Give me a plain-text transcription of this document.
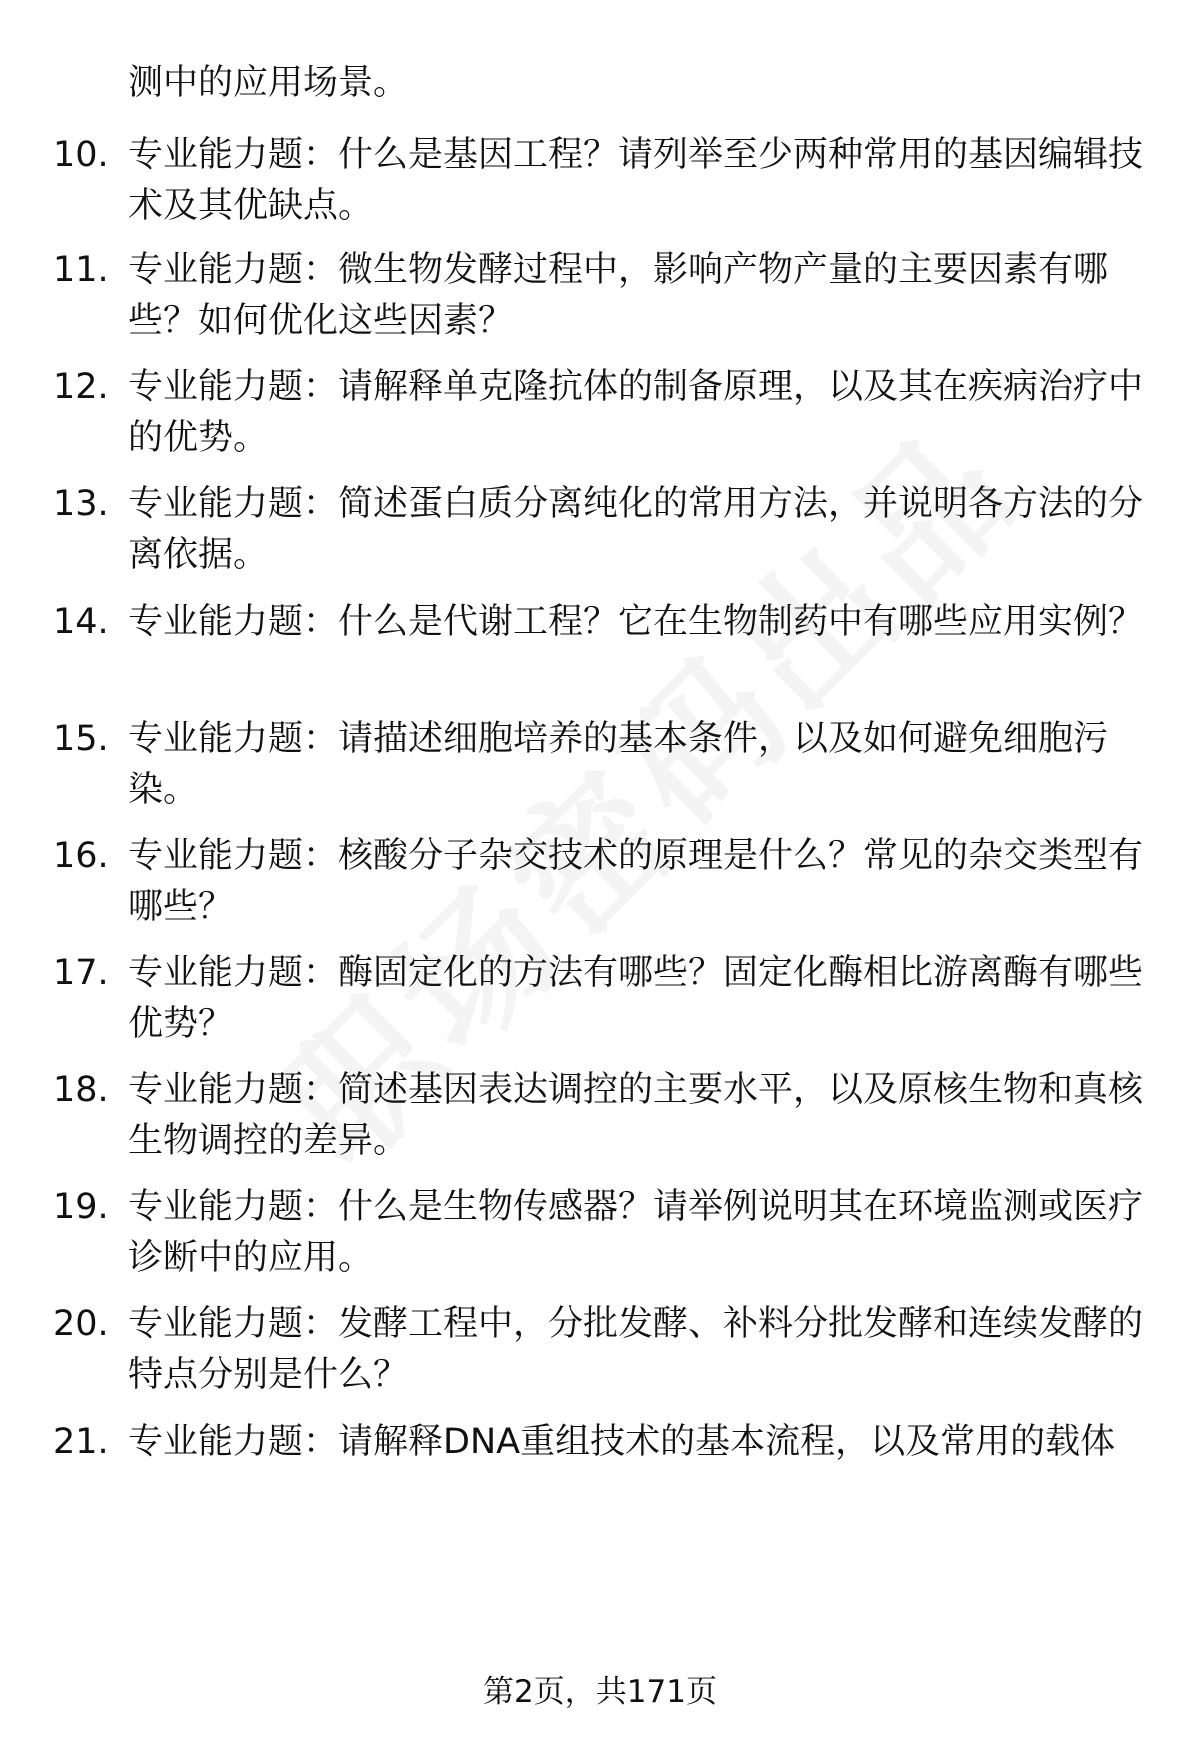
测中的应用场景。
10. 专业能力题：什么是基因工程？请列举至少两种常用的基因编辑技术及其优缺点。
11. 专业能力题：微生物发酵过程中，影响产物产量的主要因素有哪些？如何优化这些因素？
12. 专业能力题：请解释单克隆抗体的制备原理，以及其在疾病治疗中的优势。
13. 专业能力题：简述蛋白质分离纯化的常用方法，并说明各方法的分离依据。
14. 专业能力题：什么是代谢工程？它在生物制药中有哪些应用实例？
15. 专业能力题：请描述细胞培养的基本条件，以及如何避免细胞污染。
16. 专业能力题：核酸分子杂交技术的原理是什么？常见的杂交类型有哪些？
17. 专业能力题：酶固定化的方法有哪些？固定化酶相比游离酶有哪些优势？
18. 专业能力题：简述基因表达调控的主要水平，以及原核生物和真核生物调控的差异。
19. 专业能力题：什么是生物传感器？请举例说明其在环境监测或医疗诊断中的应用。
20. 专业能力题：发酵工程中，分批发酵、补料分批发酵和连续发酵的特点分别是什么？
21. 专业能力题：请解释DNA重组技术的基本流程，以及常用的载体
第2页，共171页
